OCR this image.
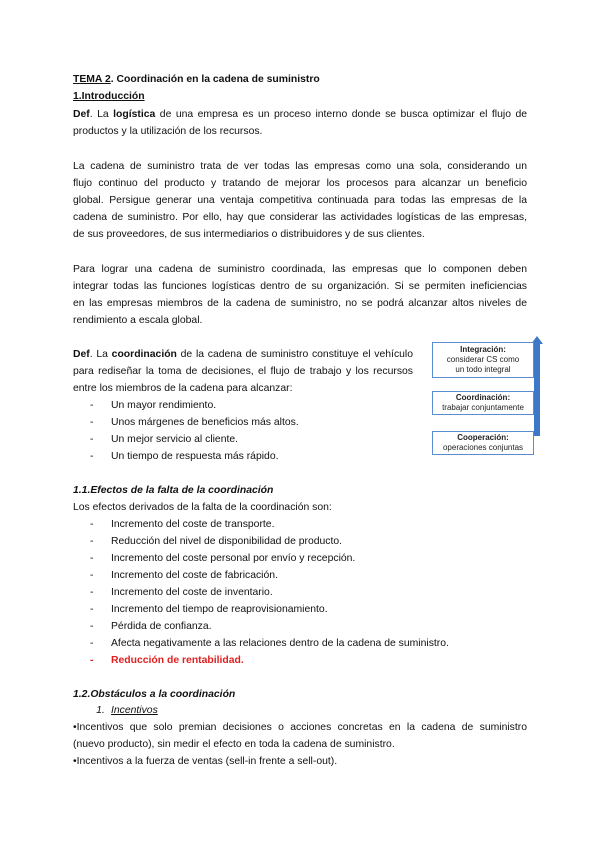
TEMA 2. Coordinación en la cadena de suministro
1.Introducción
Def. La logística de una empresa es un proceso interno donde se busca optimizar el flujo de
productos y la utilización de los recursos.
La cadena de suministro trata de ver todas las empresas como una sola, considerando un
flujo continuo del producto y tratando de mejorar los procesos para alcanzar un beneficio
global. Persigue generar una ventaja competitiva continuada para todas las empresas de la
cadena de suministro. Por ello, hay que considerar las actividades logísticas de las empresas,
de sus proveedores, de sus intermediarios o distribuidores y de sus clientes.
Para lograr una cadena de suministro coordinada, las empresas que lo componen deben
integrar todas las funciones logísticas dentro de su organización. Si se permiten ineficiencias
en las empresas miembros de la cadena de suministro, no se podrá alcanzar altos niveles de
rendimiento a escala global.
Def. La coordinación de la cadena de suministro constituye el vehículo
para rediseñar la toma de decisiones, el flujo de trabajo y los recursos
entre los miembros de la cadena para alcanzar:
- Un mayor rendimiento.
- Unos márgenes de beneficios más altos.
- Un mejor servicio al cliente.
- Un tiempo de respuesta más rápido.
Integración:
considerar CS como
un todo integral
Coordinación:
trabajar conjuntamente
Cooperación:
operaciones conjuntas
1.1.Efectos de la falta de la coordinación
Los efectos derivados de la falta de la coordinación son:
- Incremento del coste de transporte.
- Reducción del nivel de disponibilidad de producto.
- Incremento del coste personal por envío y recepción.
- Incremento del coste de fabricación.
- Incremento del coste de inventario.
- Incremento del tiempo de reaprovisionamiento.
- Pérdida de confianza.
- Afecta negativamente a las relaciones dentro de la cadena de suministro.
- Reducción de rentabilidad.
1.2.Obstáculos a la coordinación
1. Incentivos
•Incentivos que solo premian decisiones o acciones concretas en la cadena de suministro
(nuevo producto), sin medir el efecto en toda la cadena de suministro.
•Incentivos a la fuerza de ventas (sell-in frente a sell-out).
